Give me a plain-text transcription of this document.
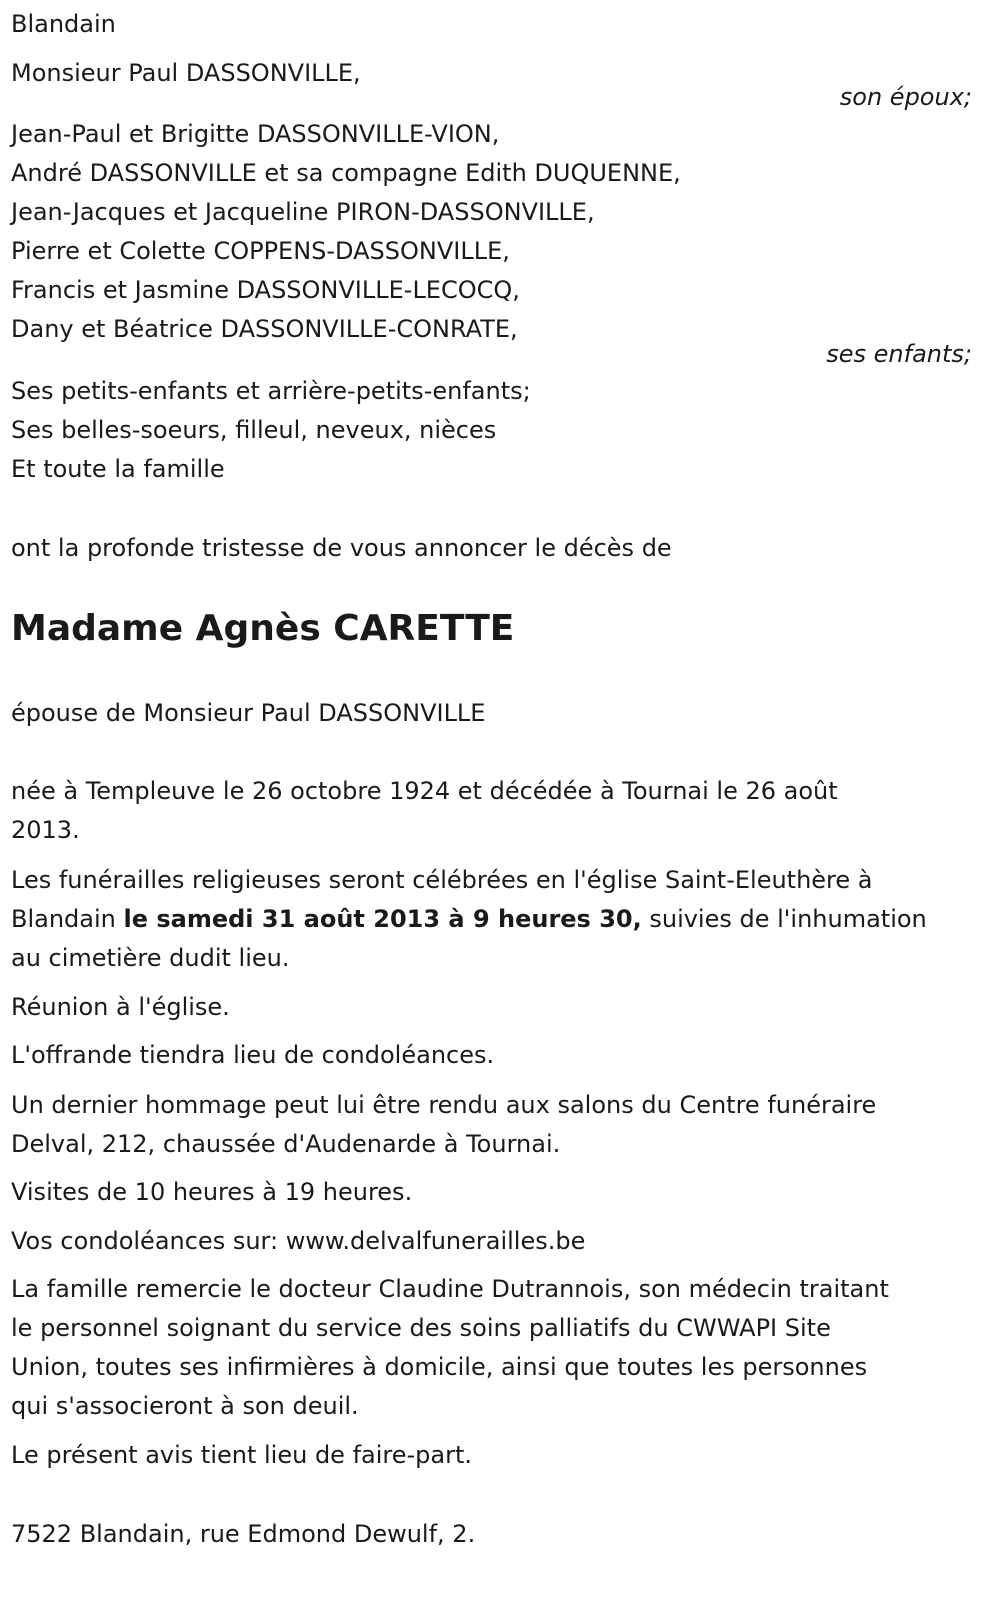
Blandain
Monsieur Paul DASSONVILLE,
son époux;
Jean-Paul et Brigitte DASSONVILLE-VION,
André DASSONVILLE et sa compagne Edith DUQUENNE,
Jean-Jacques et Jacqueline PIRON-DASSONVILLE,
Pierre et Colette COPPENS-DASSONVILLE,
Francis et Jasmine DASSONVILLE-LECOCQ,
Dany et Béatrice DASSONVILLE-CONRATE,
ses enfants;
Ses petits-enfants et arrière-petits-enfants;
Ses belles-soeurs, filleul, neveux, nièces
Et toute la famille
ont la profonde tristesse de vous annoncer le décès de
Madame Agnès CARETTE
épouse de Monsieur Paul DASSONVILLE
née à Templeuve le 26 octobre 1924 et décédée à Tournai le 26 août
2013.
Les funérailles religieuses seront célébrées en l'église Saint-Eleuthère à
Blandain le samedi 31 août 2013 à 9 heures 30, suivies de l'inhumation
au cimetière dudit lieu.
Réunion à l'église.
L'offrande tiendra lieu de condoléances.
Un dernier hommage peut lui être rendu aux salons du Centre funéraire
Delval, 212, chaussée d'Audenarde à Tournai.
Visites de 10 heures à 19 heures.
Vos condoléances sur: www.delvalfunerailles.be
La famille remercie le docteur Claudine Dutrannois, son médecin traitant
le personnel soignant du service des soins palliatifs du CWWAPI Site
Union, toutes ses infirmières à domicile, ainsi que toutes les personnes
qui s'associeront à son deuil.
Le présent avis tient lieu de faire-part.
7522 Blandain, rue Edmond Dewulf, 2.
